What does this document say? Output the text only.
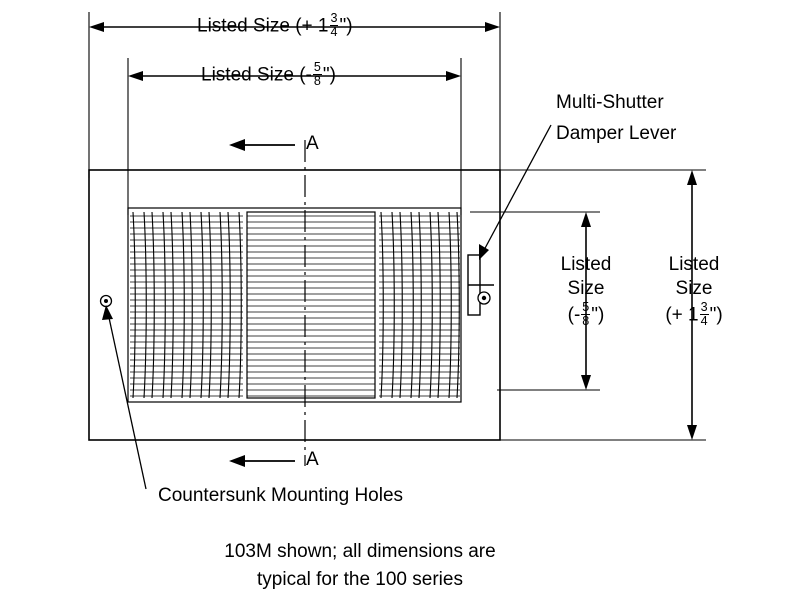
Listed Size (+ $1 \frac{3}{4}$ ")
Listed Size (- $\frac{5}{8}$ ")
A
A
Multi-Shutter
Damper Lever
Countersunk Mounting Holes
Listed
Size
(- $\frac{5}{8}$ ")
Listed
Size
(+ $1 \frac{3}{4}$ ")
103M shown; all dimensions are
typical for the 100 series
